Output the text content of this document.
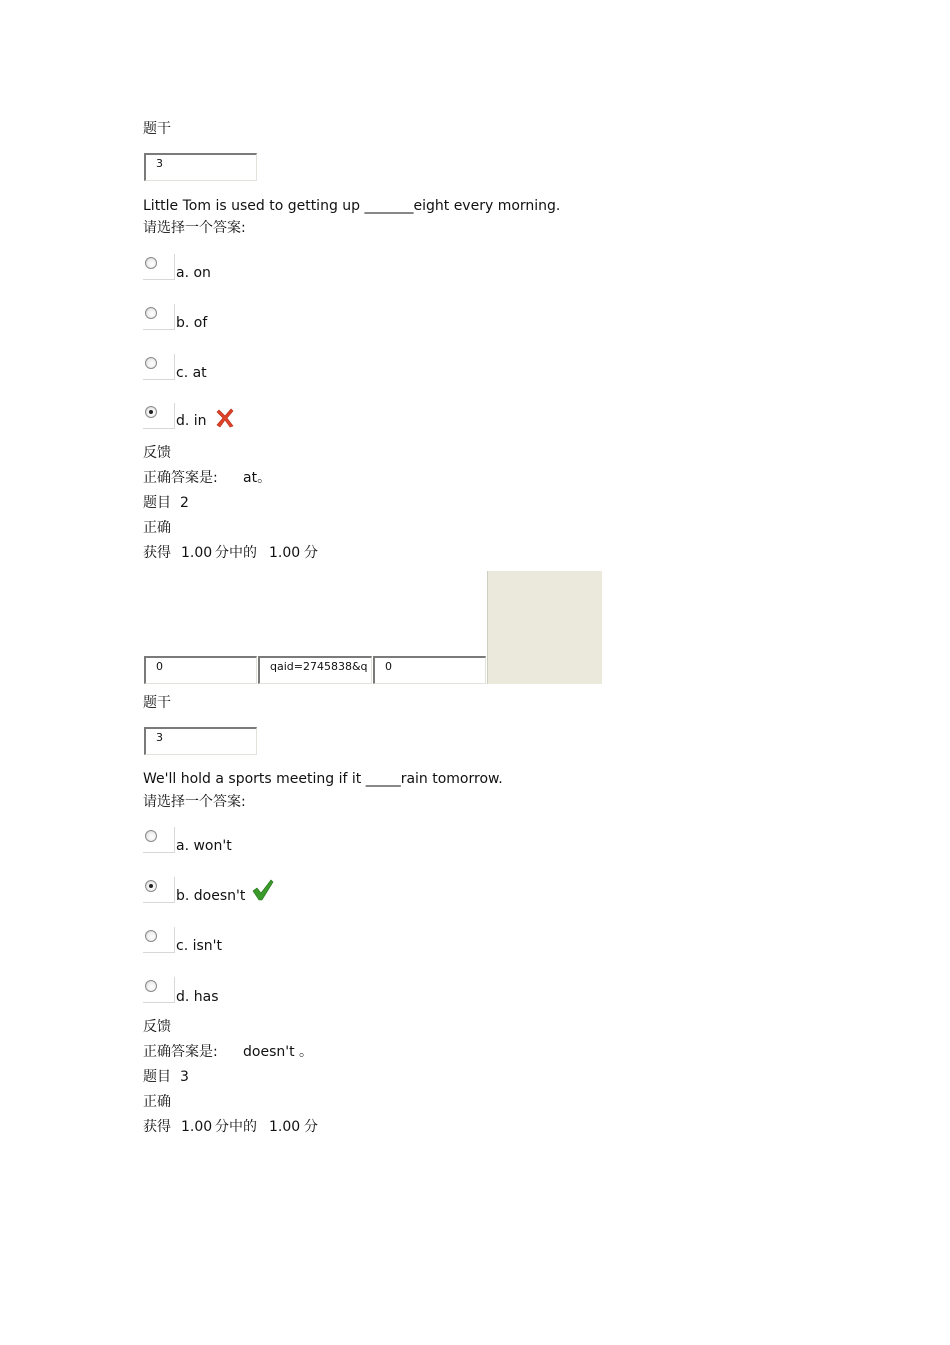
题干
3
Little Tom is used to getting up _______eight every morning.
请选择一个答案:
a. on
b. of
c. at
d. in
反馈
正确答案是: at。
题目 2
正确
获得 1.00 分中的 1.00 分
0	qaid=2745838&q	0
题干
3
We'll hold a sports meeting if it _____rain tomorrow.
请选择一个答案:
a. won't
b. doesn't
c. isn't
d. has
反馈
正确答案是: doesn't 。
题目 3
正确
获得 1.00 分中的 1.00 分
